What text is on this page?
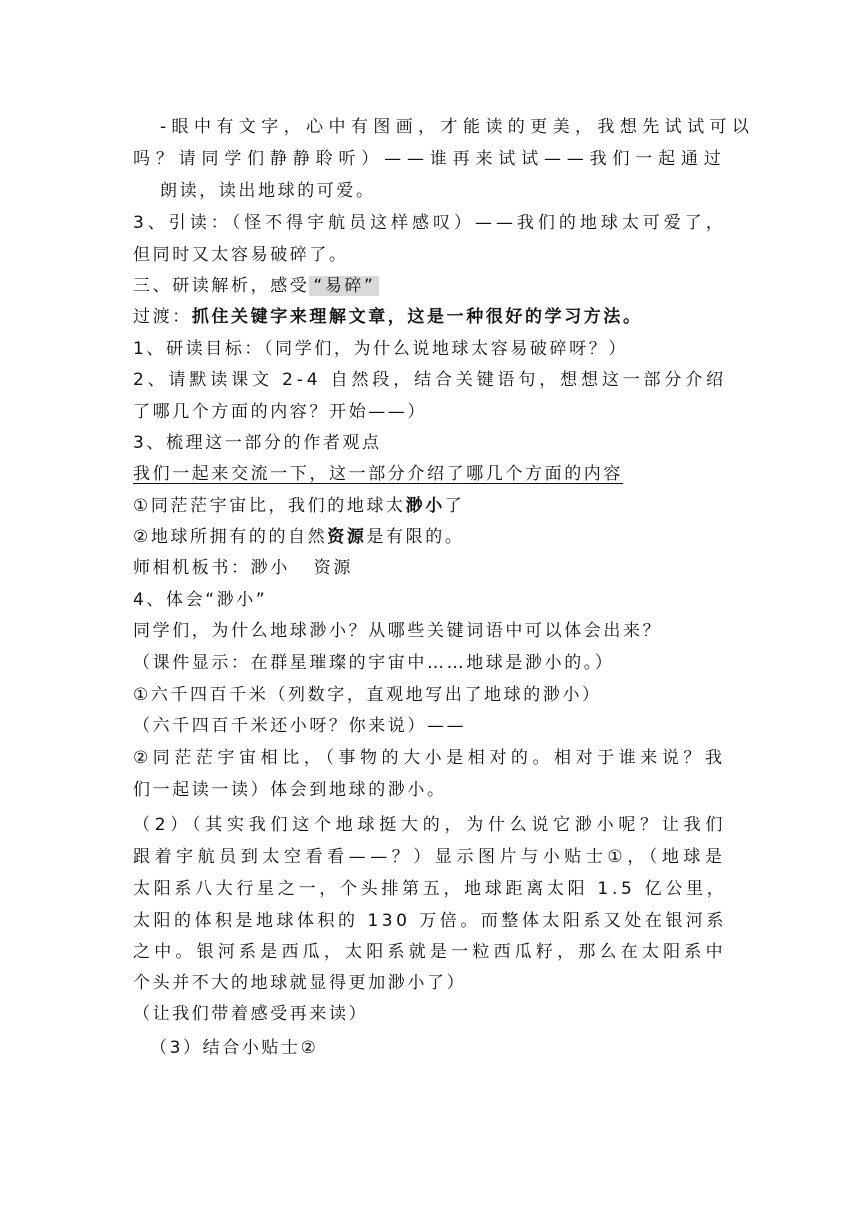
-眼中有文字，心中有图画，才能读的更美，我想先试试可以
吗？请同学们静静聆听）——谁再来试试——我们一起通过
朗读，读出地球的可爱。
3、引读：（怪不得宇航员这样感叹）——我们的地球太可爱了，
但同时又太容易破碎了。
三、研读解析，感受 “易碎”
过渡：抓住关键字来理解文章，这是一种很好的学习方法。
1、研读目标：（同学们，为什么说地球太容易破碎呀？）
2、请默读课文 2-4 自然段，结合关键语句，想想这一部分介绍
了哪几个方面的内容？开始——）
3、梳理这一部分的作者观点
我们一起来交流一下，这一部分介绍了哪几个方面的内容
①同茫茫宇宙比，我们的地球太渺小了
②地球所拥有的的自然资源是有限的。
师相机板书：渺小   资源
4、体会“渺小”
同学们，为什么地球渺小？从哪些关键词语中可以体会出来？
（课件显示：在群星璀璨的宇宙中……地球是渺小的。）
①六千四百千米（列数字，直观地写出了地球的渺小）
（六千四百千米还小呀？你来说）——
②同茫茫宇宙相比，（事物的大小是相对的。相对于谁来说？我
们一起读一读）体会到地球的渺小。
（2）（其实我们这个地球挺大的，为什么说它渺小呢？让我们
跟着宇航员到太空看看——？）显示图片与小贴士①，（地球是
太阳系八大行星之一，个头排第五，地球距离太阳 1.5 亿公里，
太阳的体积是地球体积的 130 万倍。而整体太阳系又处在银河系
之中。银河系是西瓜，太阳系就是一粒西瓜籽，那么在太阳系中
个头并不大的地球就显得更加渺小了）
（让我们带着感受再来读）
（3）结合小贴士②
